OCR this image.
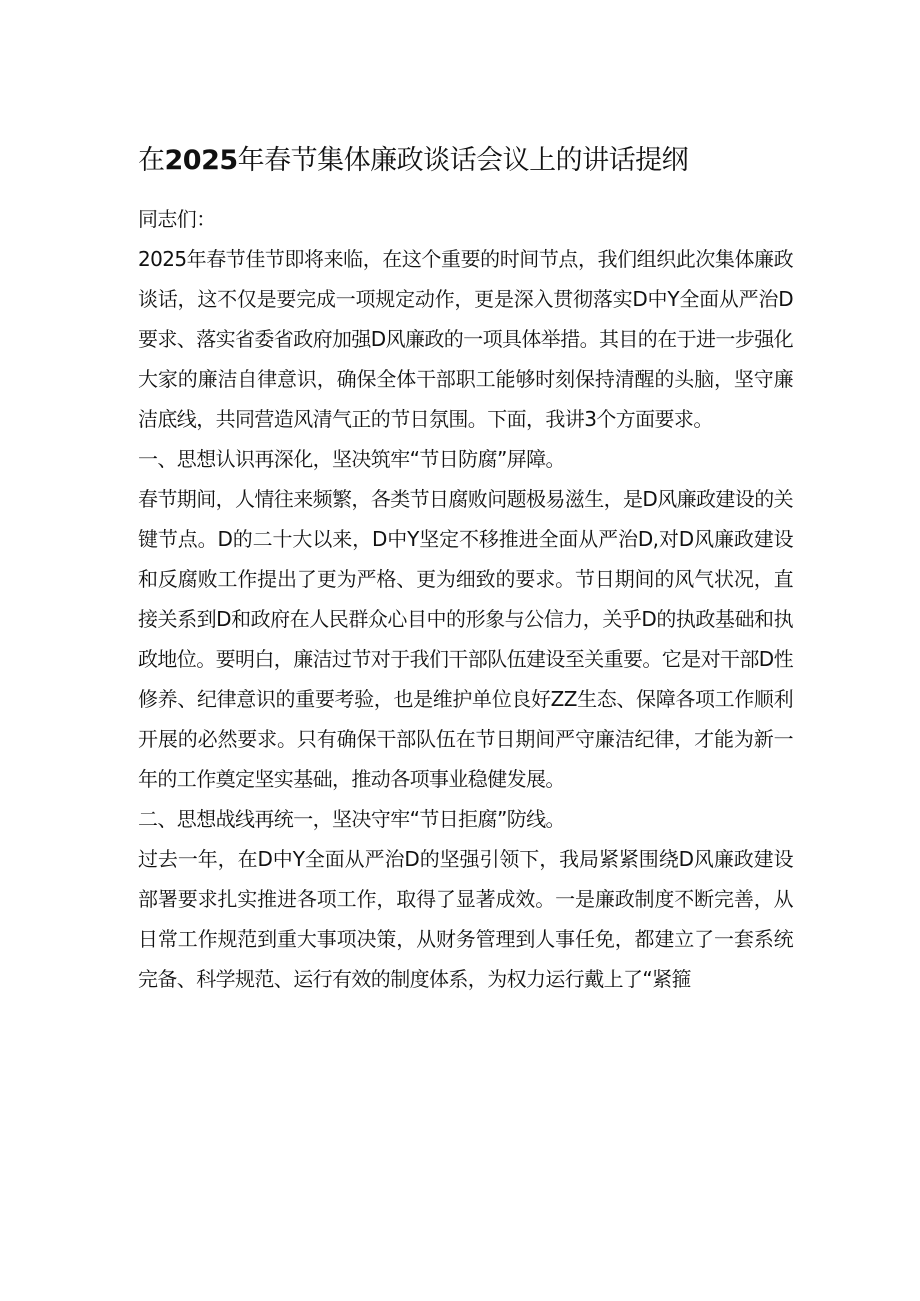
在2025年春节集体廉政谈话会议上的讲话提纲

同志们：

2025年春节佳节即将来临，在这个重要的时间节点，我们组织此次集体廉政谈话，这不仅是要完成一项规定动作，更是深入贯彻落实D中Y全面从严治D要求、落实省委省政府加强D风廉政的一项具体举措。其目的在于进一步强化大家的廉洁自律意识，确保全体干部职工能够时刻保持清醒的头脑，坚守廉洁底线，共同营造风清气正的节日氛围。下面，我讲3个方面要求。

一、思想认识再深化，坚决筑牢“节日防腐”屏障。

春节期间，人情往来频繁，各类节日腐败问题极易滋生，是D风廉政建设的关键节点。D的二十大以来，D中Y坚定不移推进全面从严治D,对D风廉政建设和反腐败工作提出了更为严格、更为细致的要求。节日期间的风气状况，直接关系到D和政府在人民群众心目中的形象与公信力，关乎D的执政基础和执政地位。要明白，廉洁过节对于我们干部队伍建设至关重要。它是对干部D性修养、纪律意识的重要考验，也是维护单位良好ZZ生态、保障各项工作顺利开展的必然要求。只有确保干部队伍在节日期间严守廉洁纪律，才能为新一年的工作奠定坚实基础，推动各项事业稳健发展。

二、思想战线再统一，坚决守牢“节日拒腐”防线。

过去一年，在D中Y全面从严治D的坚强引领下，我局紧紧围绕D风廉政建设部署要求扎实推进各项工作，取得了显著成效。一是廉政制度不断完善，从日常工作规范到重大事项决策，从财务管理到人事任免，都建立了一套系统完备、科学规范、运行有效的制度体系，为权力运行戴上了“紧箍
